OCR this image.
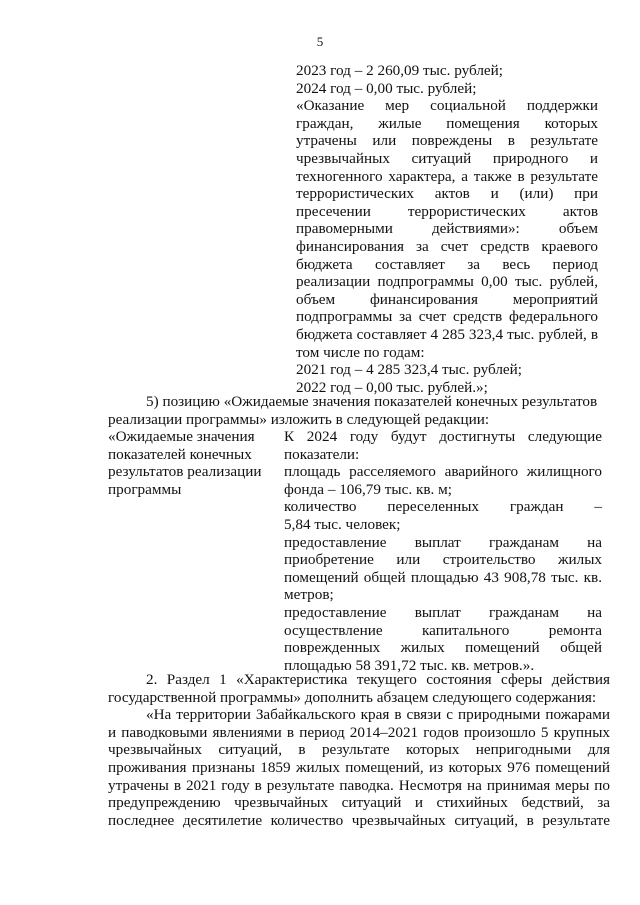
5
2023 год – 2 260,09 тыс. рублей;
2024 год – 0,00 тыс. рублей;
«Оказание мер социальной поддержки
граждан, жилые помещения которых
утрачены или повреждены в результате
чрезвычайных ситуаций природного и
техногенного характера, а также в результате
террористических актов и (или) при
пресечении террористических актов
правомерными действиями»: объем
финансирования за счет средств краевого
бюджета составляет за весь период
реализации подпрограммы 0,00 тыс. рублей,
объем финансирования мероприятий
подпрограммы за счет средств федерального
бюджета составляет 4 285 323,4 тыс. рублей, в
том числе по годам:
2021 год – 4 285 323,4 тыс. рублей;
2022 год – 0,00 тыс. рублей.»;
5) позицию «Ожидаемые значения показателей конечных результатов
реализации программы» изложить в следующей редакции:
«Ожидаемые значения
показателей конечных
результатов реализации
программы
К 2024 году будут достигнуты следующие
показатели:
площадь расселяемого аварийного жилищного
фонда – 106,79 тыс. кв. м;
количество переселенных граждан –
5,84 тыс. человек;
предоставление выплат гражданам на
приобретение или строительство жилых
помещений общей площадью 43 908,78 тыс. кв.
метров;
предоставление выплат гражданам на
осуществление капитального ремонта
поврежденных жилых помещений общей
площадью 58 391,72 тыс. кв. метров.».
2. Раздел 1 «Характеристика текущего состояния сферы действия
государственной программы» дополнить абзацем следующего содержания:
«На территории Забайкальского края в связи с природными пожарами
и паводковыми явлениями в период 2014–2021 годов произошло 5 крупных
чрезвычайных ситуаций, в результате которых непригодными для
проживания признаны 1859 жилых помещений, из которых 976 помещений
утрачены в 2021 году в результате паводка. Несмотря на принимая меры по
предупреждению чрезвычайных ситуаций и стихийных бедствий, за
последнее десятилетие количество чрезвычайных ситуаций, в результате
